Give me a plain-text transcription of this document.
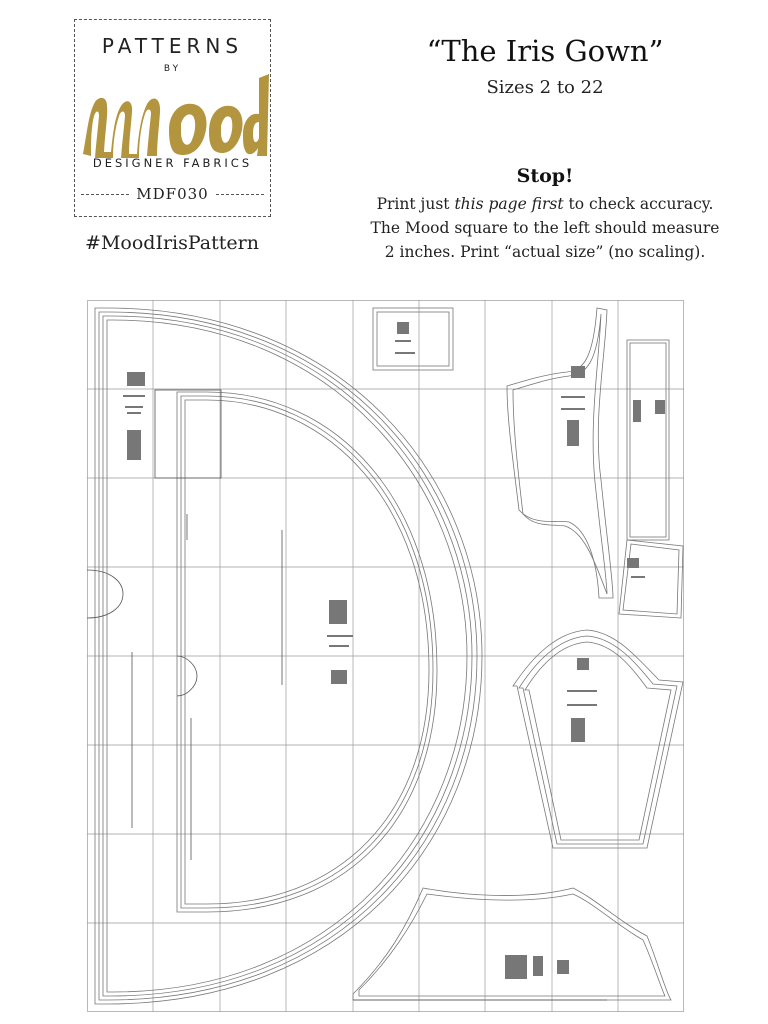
PATTERNS
BY
DESIGNER FABRICS
MDF030
#MoodIrisPattern
“The Iris Gown”
Sizes 2 to 22
Stop!
Print just this page first to check accuracy.
The Mood square to the left should measure
2 inches. Print “actual size” (no scaling).
